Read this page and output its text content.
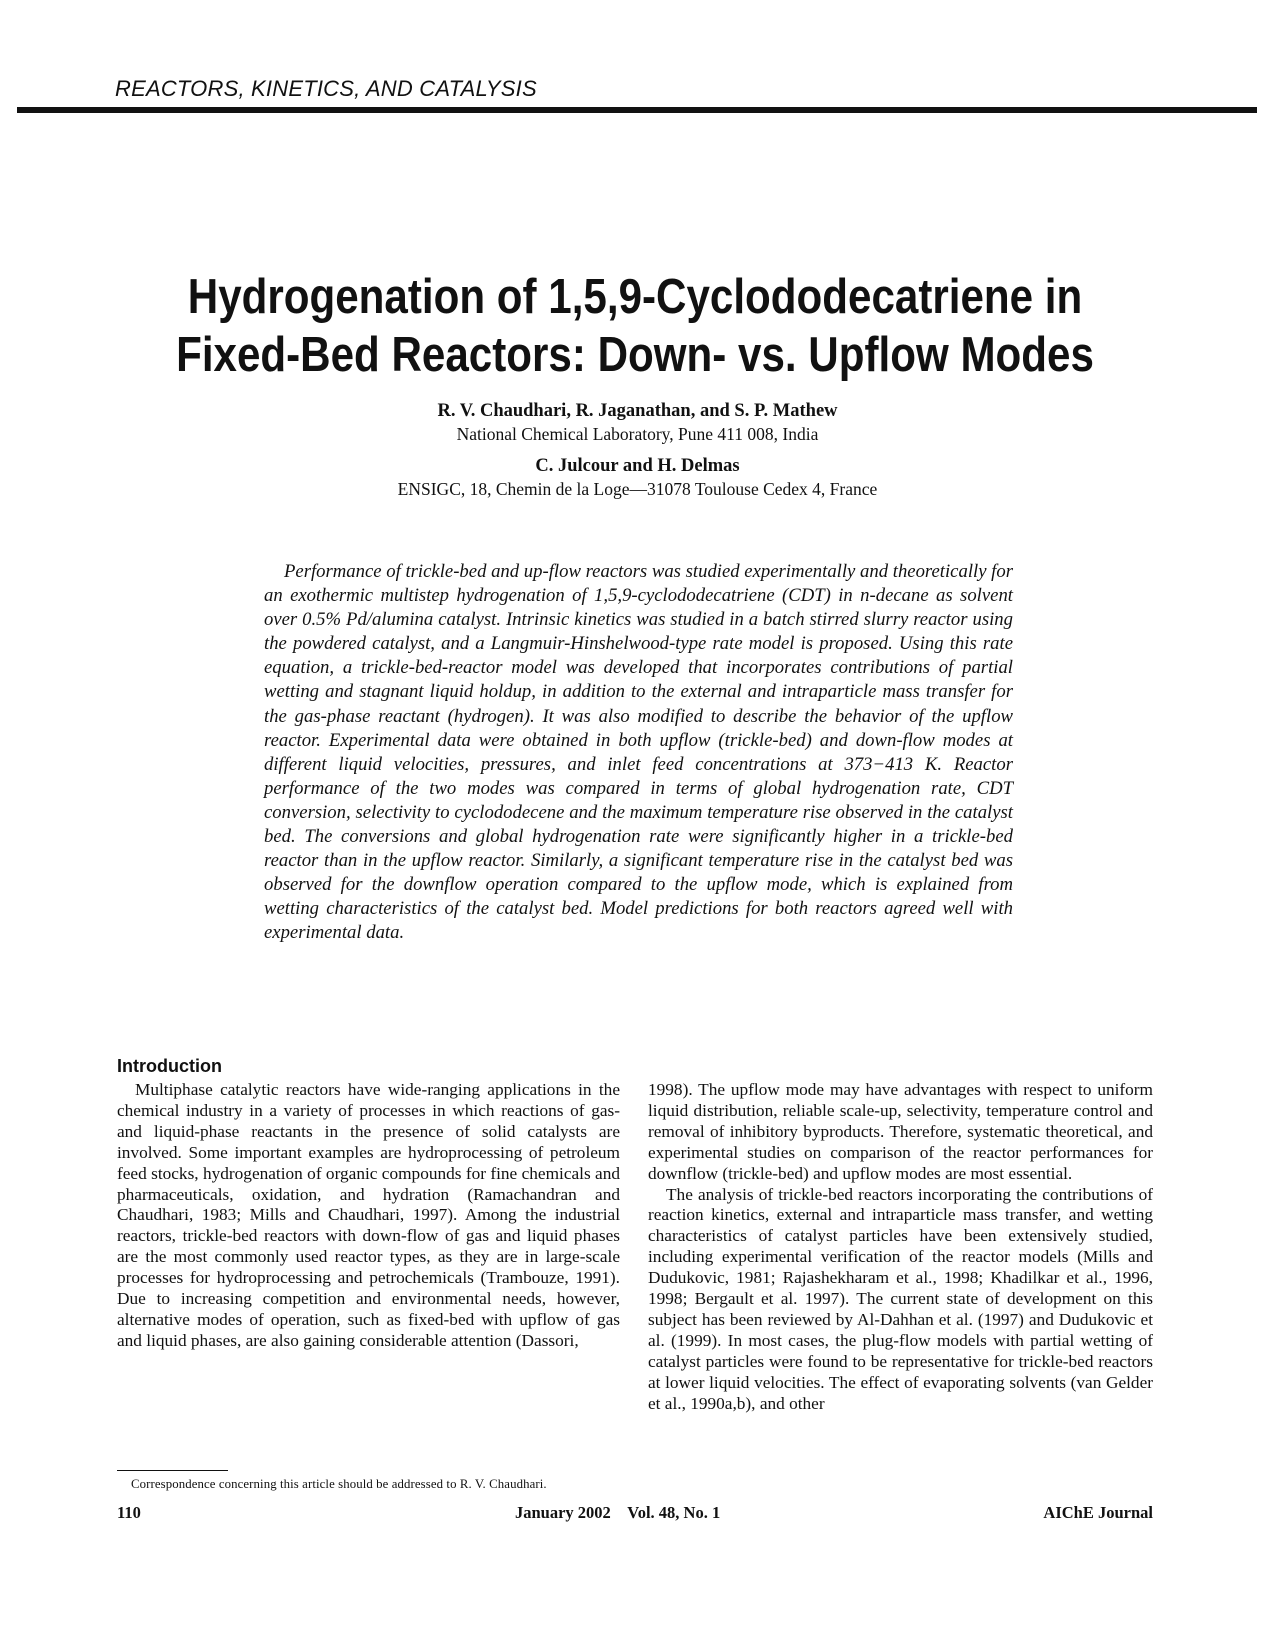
REACTORS, KINETICS, AND CATALYSIS
Hydrogenation of 1,5,9-Cyclododecatriene in
Fixed-Bed Reactors: Down- vs. Upflow Modes
R. V. Chaudhari, R. Jaganathan, and S. P. Mathew
National Chemical Laboratory, Pune 411 008, India
C. Julcour and H. Delmas
ENSIGC, 18, Chemin de la Loge—31078 Toulouse Cedex 4, France

Performance of trickle-bed and up-flow reactors was studied experimentally and theoretically for an exothermic multistep hydrogenation of 1,5,9-cyclododecatriene (CDT) in n-decane as solvent over 0.5% Pd/alumina catalyst. Intrinsic kinetics was studied in a batch stirred slurry reactor using the powdered catalyst, and a Langmuir-Hinshelwood-type rate model is proposed. Using this rate equation, a trickle-bed-reactor model was developed that incorporates contributions of partial wetting and stagnant liquid holdup, in addition to the external and intraparticle mass transfer for the gas-phase reactant (hydrogen). It was also modified to describe the behavior of the upflow reactor. Experimental data were obtained in both upflow (trickle-bed) and down-flow modes at different liquid velocities, pressures, and inlet feed concentrations at 373−413 K. Reactor performance of the two modes was compared in terms of global hydrogenation rate, CDT conversion, selectivity to cyclododecene and the maximum temperature rise observed in the catalyst bed. The conversions and global hydrogenation rate were significantly higher in a trickle-bed reactor than in the upflow reactor. Similarly, a significant temperature rise in the catalyst bed was observed for the downflow operation compared to the upflow mode, which is explained from wetting characteristics of the catalyst bed. Model predictions for both reactors agreed well with experimental data.

Introduction

Multiphase catalytic reactors have wide-ranging applications in the chemical industry in a variety of processes in which reactions of gas- and liquid-phase reactants in the presence of solid catalysts are involved. Some important examples are hydroprocessing of petroleum feed stocks, hydrogenation of organic compounds for fine chemicals and pharmaceuticals, oxidation, and hydration (Ramachandran and Chaudhari, 1983; Mills and Chaudhari, 1997). Among the industrial reactors, trickle-bed reactors with down-flow of gas and liquid phases are the most commonly used reactor types, as they are in large-scale processes for hydroprocessing and petrochemicals (Trambouze, 1991). Due to increasing competition and environmental needs, however, alternative modes of operation, such as fixed-bed with upflow of gas and liquid phases, are also gaining considerable attention (Dassori,

1998). The upflow mode may have advantages with respect to uniform liquid distribution, reliable scale-up, selectivity, temperature control and removal of inhibitory byproducts. Therefore, systematic theoretical, and experimental studies on comparison of the reactor performances for downflow (trickle-bed) and upflow modes are most essential.

The analysis of trickle-bed reactors incorporating the contributions of reaction kinetics, external and intraparticle mass transfer, and wetting characteristics of catalyst particles have been extensively studied, including experimental verification of the reactor models (Mills and Dudukovic, 1981; Rajashekharam et al., 1998; Khadilkar et al., 1996, 1998; Bergault et al. 1997). The current state of development on this subject has been reviewed by Al-Dahhan et al. (1997) and Dudukovic et al. (1999). In most cases, the plug-flow models with partial wetting of catalyst particles were found to be representative for trickle-bed reactors at lower liquid velocities. The effect of evaporating solvents (van Gelder et al., 1990a,b), and other

Correspondence concerning this article should be addressed to R. V. Chaudhari.
110	January 2002 Vol. 48, No. 1	AIChE Journal
